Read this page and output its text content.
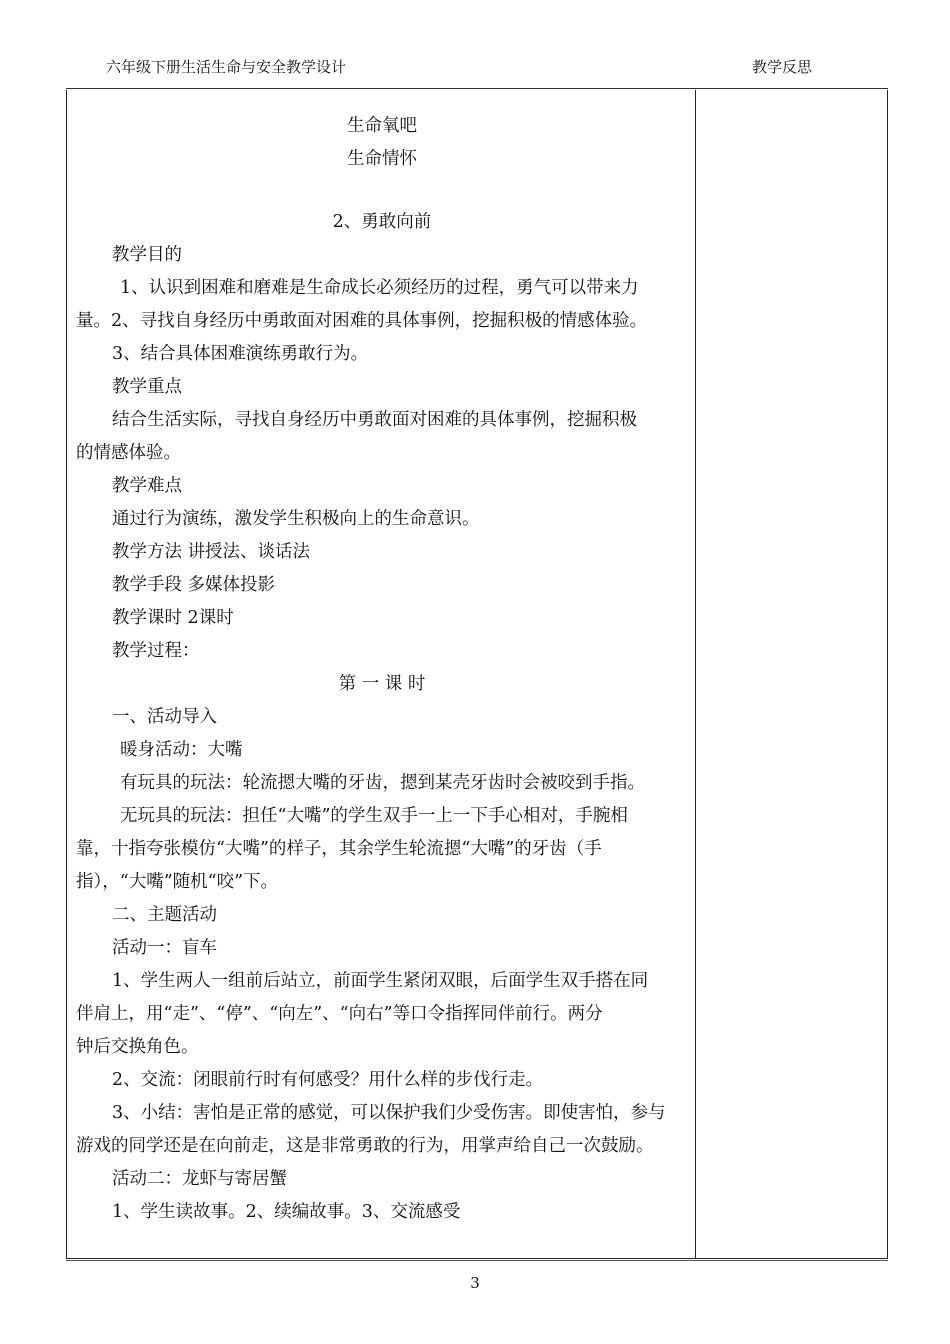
六年级下册生活生命与安全教学设计	教学反思
生命氧吧
生命情怀
2、勇敢向前
教学目的
1、认识到困难和磨难是生命成长必须经历的过程，勇气可以带来力
量。2、寻找自身经历中勇敢面对困难的具体事例，挖掘积极的情感体验。
3、结合具体困难演练勇敢行为。
教学重点
结合生活实际，寻找自身经历中勇敢面对困难的具体事例，挖掘积极
的情感体验。
教学难点
通过行为演练，激发学生积极向上的生命意识。
教学方法 讲授法、谈话法
教学手段 多媒体投影
教学课时 2课时
教学过程：
第 一 课 时
一、活动导入
暖身活动：大嘴
有玩具的玩法：轮流摁大嘴的牙齿，摁到某壳牙齿时会被咬到手指。
无玩具的玩法：担任“大嘴”的学生双手一上一下手心相对，手腕相
靠，十指夸张模仿“大嘴”的样子，其余学生轮流摁“大嘴”的牙齿（手
指），“大嘴”随机“咬”下。
二、主题活动
活动一：盲车
1、学生两人一组前后站立，前面学生紧闭双眼，后面学生双手搭在同
伴肩上，用“走”、“停”、“向左”、“向右”等口令指挥同伴前行。两分
钟后交换角色。
2、交流：闭眼前行时有何感受？用什么样的步伐行走。
3、小结：害怕是正常的感觉，可以保护我们少受伤害。即使害怕，参与
游戏的同学还是在向前走，这是非常勇敢的行为，用掌声给自己一次鼓励。
活动二：龙虾与寄居蟹
1、学生读故事。2、续编故事。3、交流感受
3
